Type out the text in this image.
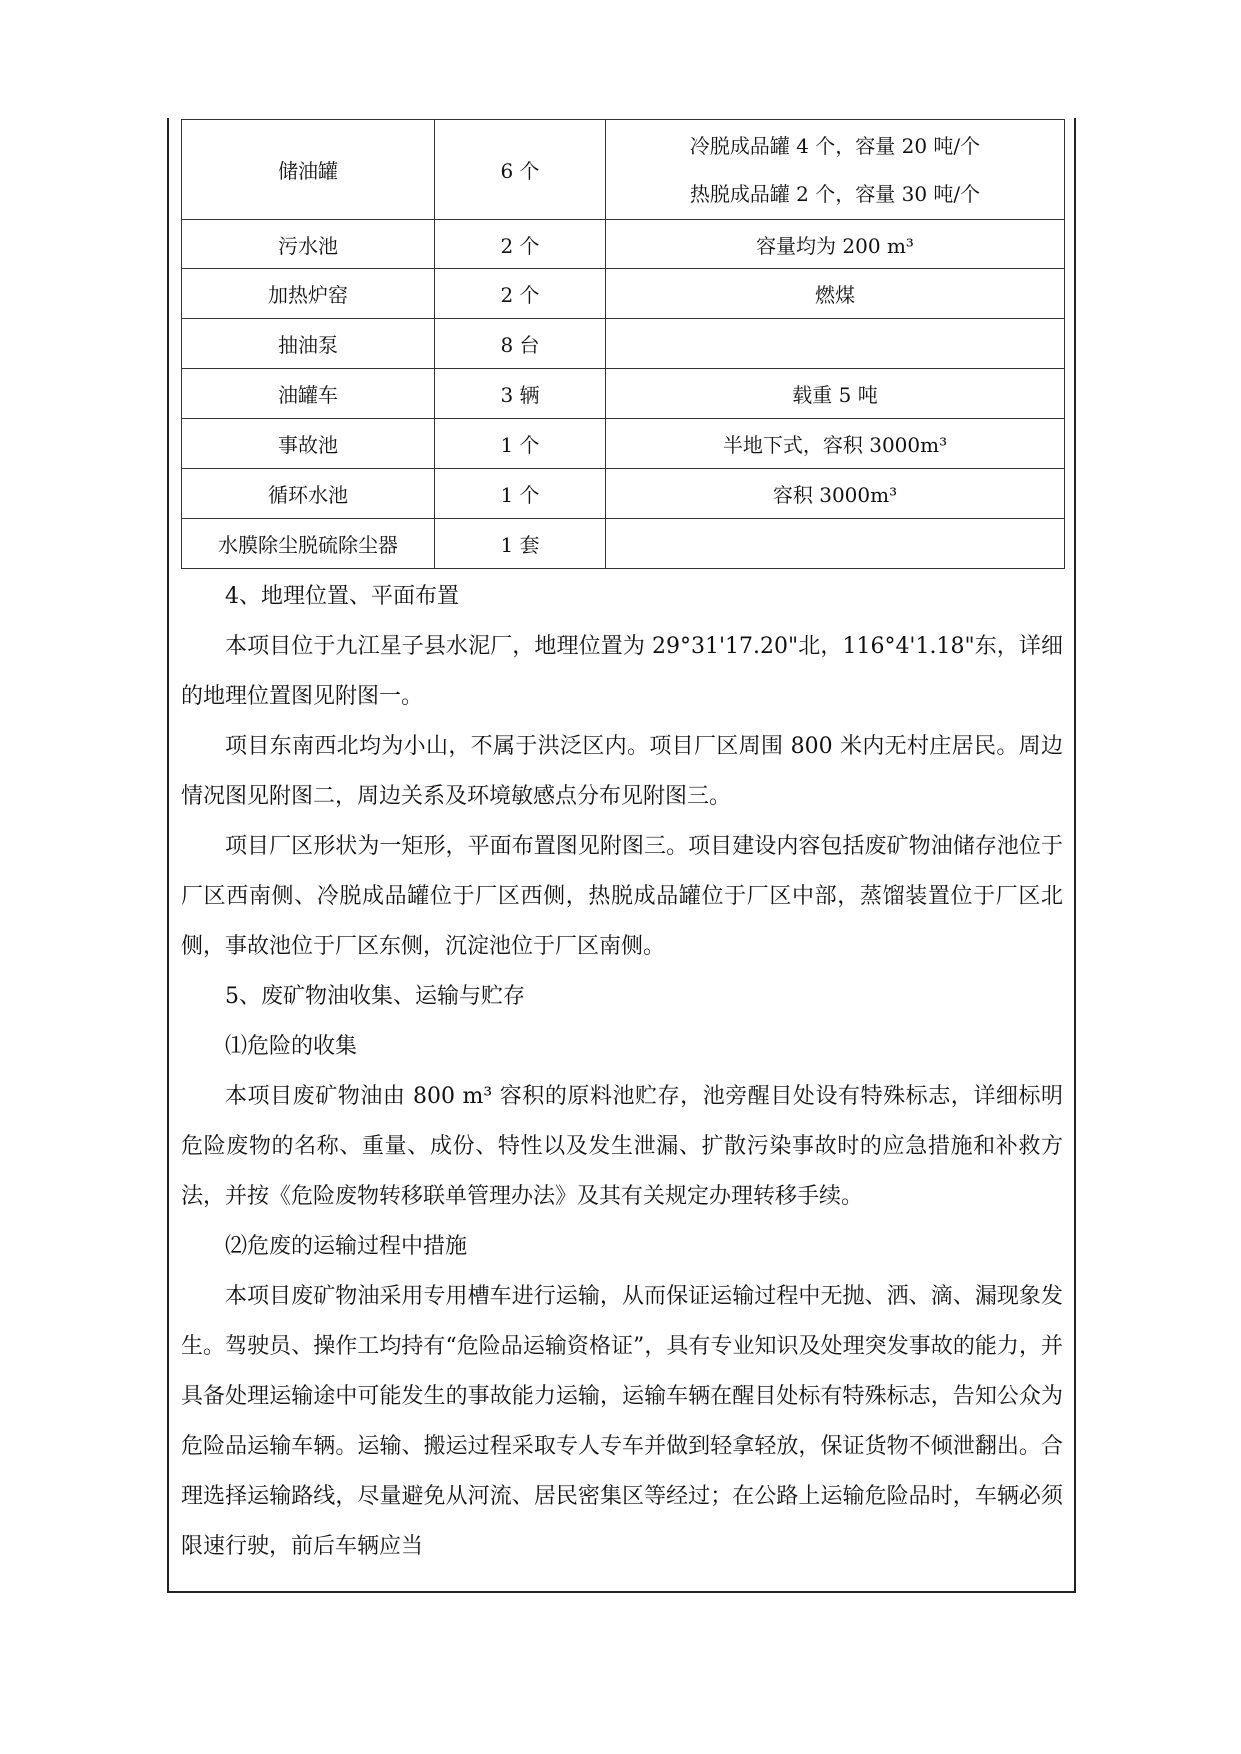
储油罐	6 个	冷脱成品罐 4 个，容量 20 吨/个
热脱成品罐 2 个，容量 30 吨/个

污水池	2 个	容量均为 200 m³
加热炉窑	2 个	燃煤
抽油泵	8 台	
油罐车	3 辆	载重 5 吨
事故池	1 个	半地下式，容积 3000m³
循环水池	1 个	容积 3000m³
水膜除尘脱硫除尘器	1 套	

4、地理位置、平面布置

本项目位于九江星子县水泥厂，地理位置为 29°31'17.20"北，116°4'1.18"东，详细的地理位置图见附图一。

项目东南西北均为小山，不属于洪泛区内。项目厂区周围 800 米内无村庄居民。周边情况图见附图二，周边关系及环境敏感点分布见附图三。

项目厂区形状为一矩形，平面布置图见附图三。项目建设内容包括废矿物油储存池位于厂区西南侧、冷脱成品罐位于厂区西侧，热脱成品罐位于厂区中部，蒸馏装置位于厂区北侧，事故池位于厂区东侧，沉淀池位于厂区南侧。

5、废矿物油收集、运输与贮存

⑴危险的收集

本项目废矿物油由 800 m³ 容积的原料池贮存，池旁醒目处设有特殊标志，详细标明危险废物的名称、重量、成份、特性以及发生泄漏、扩散污染事故时的应急措施和补救方法，并按《危险废物转移联单管理办法》及其有关规定办理转移手续。

⑵危废的运输过程中措施

本项目废矿物油采用专用槽车进行运输，从而保证运输过程中无抛、洒、滴、漏现象发生。驾驶员、操作工均持有“危险品运输资格证”，具有专业知识及处理突发事故的能力，并具备处理运输途中可能发生的事故能力运输，运输车辆在醒目处标有特殊标志，告知公众为危险品运输车辆。运输、搬运过程采取专人专车并做到轻拿轻放，保证货物不倾泄翻出。合理选择运输路线，尽量避免从河流、居民密集区等经过；在公路上运输危险品时，车辆必须限速行驶，前后车辆应当
